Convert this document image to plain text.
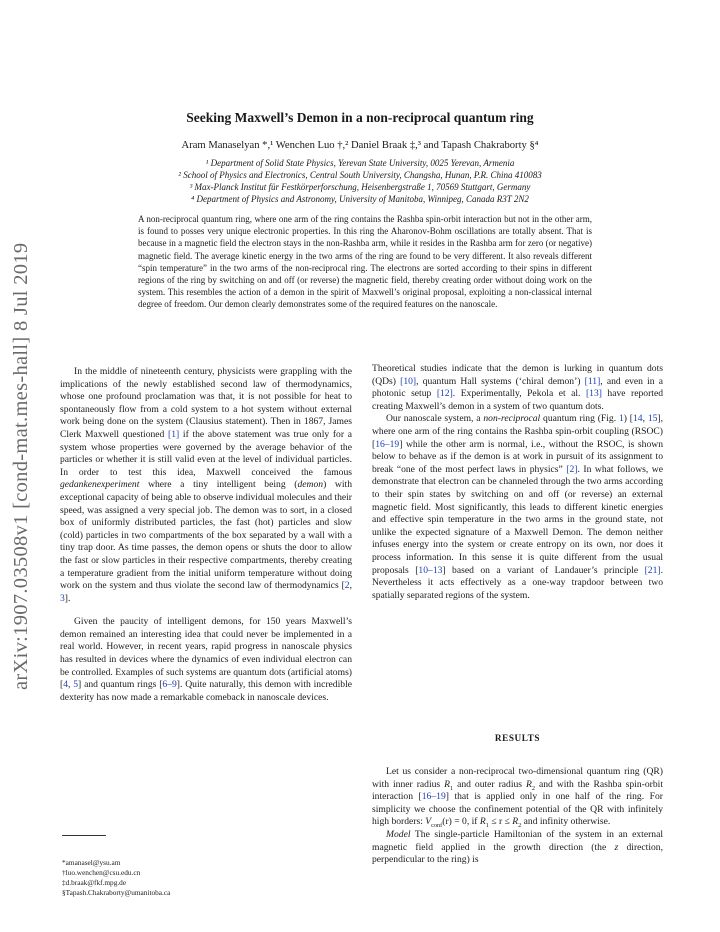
arXiv:1907.03508v1 [cond-mat.mes-hall] 8 Jul 2019
Seeking Maxwell’s Demon in a non-reciprocal quantum ring
Aram Manaselyan *,¹ Wenchen Luo †,² Daniel Braak ‡,³ and Tapash Chakraborty §⁴
¹ Department of Solid State Physics, Yerevan State University, 0025 Yerevan, Armenia
² School of Physics and Electronics, Central South University, Changsha, Hunan, P.R. China 410083
³ Max-Planck Institut für Festkörperforschung, Heisenbergstraße 1, 70569 Stuttgart, Germany
⁴ Department of Physics and Astronomy, University of Manitoba, Winnipeg, Canada R3T 2N2
A non-reciprocal quantum ring, where one arm of the ring contains the Rashba spin-orbit interaction but not in the other arm, is found to posses very unique electronic properties. In this ring the Aharonov-Bohm oscillations are totally absent. That is because in a magnetic field the electron stays in the non-Rashba arm, while it resides in the Rashba arm for zero (or negative) magnetic field. The average kinetic energy in the two arms of the ring are found to be very different. It also reveals different “spin temperature” in the two arms of the non-reciprocal ring. The electrons are sorted according to their spins in different regions of the ring by switching on and off (or reverse) the magnetic field, thereby creating order without doing work on the system. This resembles the action of a demon in the spirit of Maxwell’s original proposal, exploiting a non-classical internal degree of freedom. Our demon clearly demonstrates some of the required features on the nanoscale.

In the middle of nineteenth century, physicists were grappling with the implications of the newly established second law of thermodynamics, whose one profound proclamation was that, it is not possible for heat to spontaneously flow from a cold system to a hot system without external work being done on the system (Clausius statement). Then in 1867, James Clerk Maxwell questioned [1] if the above statement was true only for a system whose properties were governed by the average behavior of the particles or whether it is still valid even at the level of individual particles. In order to test this idea, Maxwell conceived the famous gedankenexperiment where a tiny intelligent being (demon) with exceptional capacity of being able to observe individual molecules and their speed, was assigned a very special job. The demon was to sort, in a closed box of uniformly distributed particles, the fast (hot) particles and slow (cold) particles in two compartments of the box separated by a wall with a tiny trap door. As time passes, the demon opens or shuts the door to allow the fast or slow particles in their respective compartments, thereby creating a temperature gradient from the initial uniform temperature without doing work on the system and thus violate the second law of thermodynamics [2, 3].

Given the paucity of intelligent demons, for 150 years Maxwell’s demon remained an interesting idea that could never be implemented in a real world. However, in recent years, rapid progress in nanoscale physics has resulted in devices where the dynamics of even individual electron can be controlled. Examples of such systems are quantum dots (artificial atoms) [4, 5] and quantum rings [6–9]. Quite naturally, this demon with incredible dexterity has now made a remarkable comeback in nanoscale devices.

Theoretical studies indicate that the demon is lurking in quantum dots (QDs) [10], quantum Hall systems (‘chiral demon’) [11], and even in a photonic setup [12]. Experimentally, Pekola et al. [13] have reported creating Maxwell’s demon in a system of two quantum dots.

Our nanoscale system, a non-reciprocal quantum ring (Fig. 1) [14, 15], where one arm of the ring contains the Rashba spin-orbit coupling (RSOC) [16–19] while the other arm is normal, i.e., without the RSOC, is shown below to behave as if the demon is at work in pursuit of its assignment to break “one of the most perfect laws in physics” [2]. In what follows, we demonstrate that electron can be channeled through the two arms according to their spin states by switching on and off (or reverse) an external magnetic field. Most significantly, this leads to different kinetic energies and effective spin temperature in the two arms in the ground state, not unlike the expected signature of a Maxwell Demon. The demon neither infuses energy into the system or create entropy on its own, nor does it process information. In this sense it is quite different from the usual proposals [10–13] based on a variant of Landauer’s principle [21]. Nevertheless it acts effectively as a one-way trapdoor between two spatially separated regions of the system.

RESULTS

Let us consider a non-reciprocal two-dimensional quantum ring (QR) with inner radius $R_1$ and outer radius $R_2$ and with the Rashba spin-orbit interaction [16–19] that is applied only in one half of the ring. For simplicity we choose the confinement potential of the QR with infinitely high borders: $V_{conf}(r) = 0$, if $R_1 \le r \le R_2$ and infinity otherwise.

Model The single-particle Hamiltonian of the system in an external magnetic field applied in the growth direction (the z direction, perpendicular to the ring) is

*amanasel@ysu.am
†luo.wenchen@csu.edu.cn
‡d.braak@fkf.mpg.de
§Tapash.Chakraborty@umanitoba.ca
